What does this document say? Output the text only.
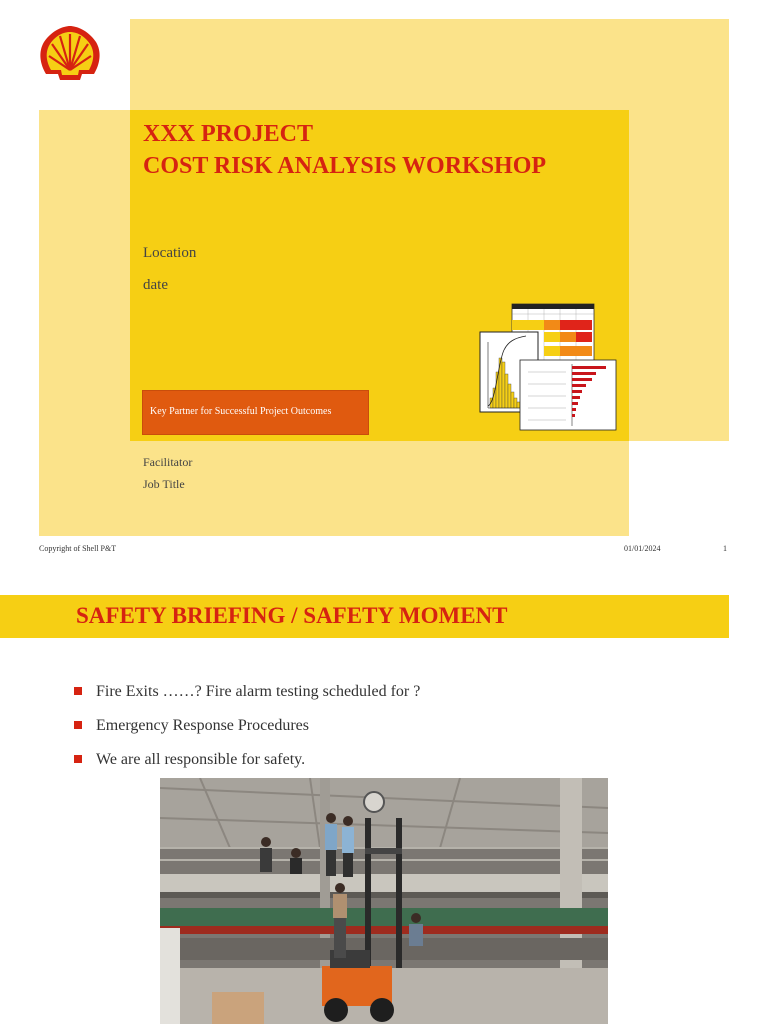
XXX PROJECT
COST RISK ANALYSIS WORKSHOP
Location
date
Key Partner for Successful Project Outcomes
Facilitator
Job Title
Copyright of Shell P&T	01/01/2024	1
SAFETY BRIEFING / SAFETY MOMENT
Fire Exits ……? Fire alarm testing scheduled for ?
Emergency Response Procedures
We are all responsible for safety.
